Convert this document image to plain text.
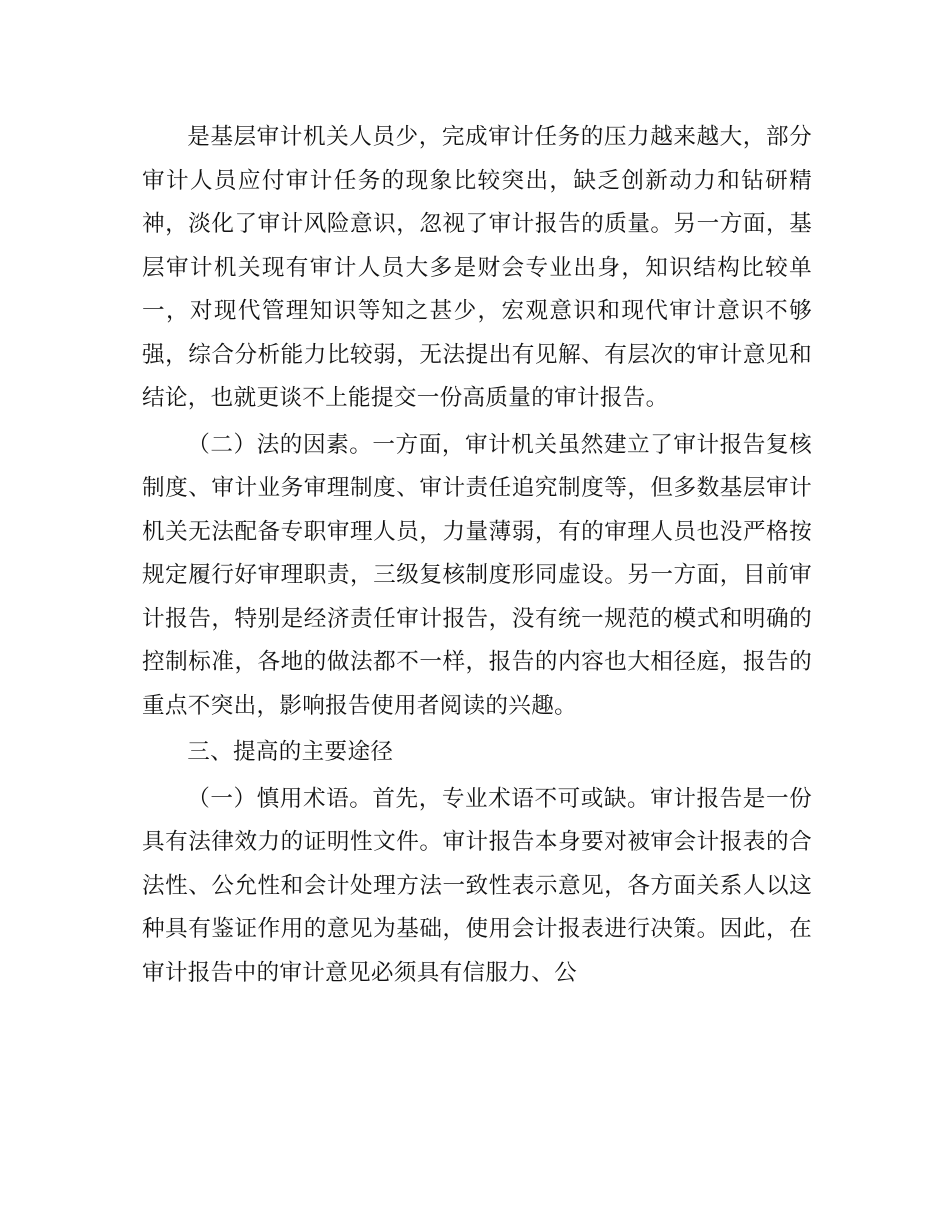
是基层审计机关人员少，完成审计任务的压力越来越大，部分审计人员应付审计任务的现象比较突出，缺乏创新动力和钻研精神，淡化了审计风险意识，忽视了审计报告的质量。另一方面，基层审计机关现有审计人员大多是财会专业出身，知识结构比较单一，对现代管理知识等知之甚少，宏观意识和现代审计意识不够强，综合分析能力比较弱，无法提出有见解、有层次的审计意见和结论，也就更谈不上能提交一份高质量的审计报告。

（二）法的因素。一方面，审计机关虽然建立了审计报告复核制度、审计业务审理制度、审计责任追究制度等，但多数基层审计机关无法配备专职审理人员，力量薄弱，有的审理人员也没严格按规定履行好审理职责，三级复核制度形同虚设。另一方面，目前审计报告，特别是经济责任审计报告，没有统一规范的模式和明确的控制标准，各地的做法都不一样，报告的内容也大相径庭，报告的重点不突出，影响报告使用者阅读的兴趣。

三、提高的主要途径

（一）慎用术语。首先，专业术语不可或缺。审计报告是一份具有法律效力的证明性文件。审计报告本身要对被审会计报表的合法性、公允性和会计处理方法一致性表示意见，各方面关系人以这种具有鉴证作用的意见为基础，使用会计报表进行决策。因此，在审计报告中的审计意见必须具有信服力、公
